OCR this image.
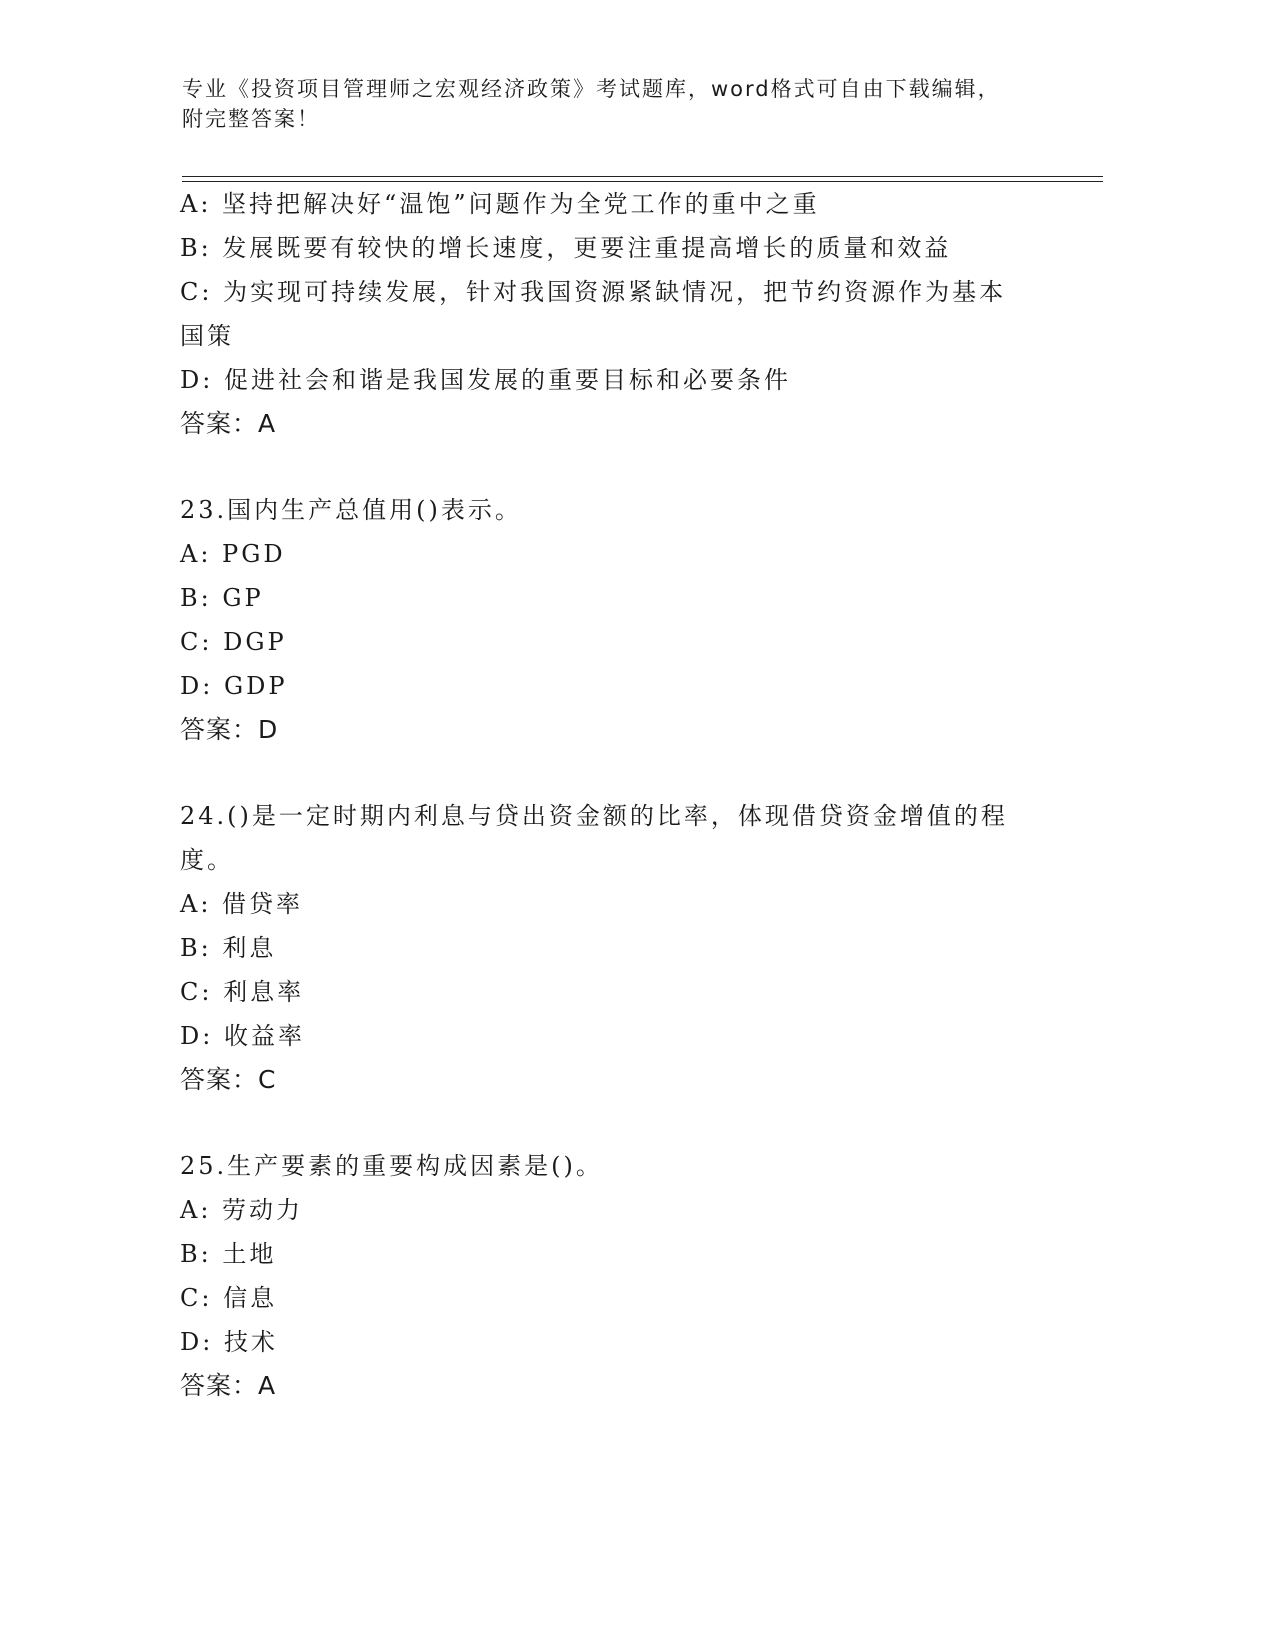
专业《投资项目管理师之宏观经济政策》考试题库，word格式可自由下载编辑，
附完整答案！
A: 坚持把解决好“温饱”问题作为全党工作的重中之重
B: 发展既要有较快的增长速度，更要注重提高增长的质量和效益
C: 为实现可持续发展，针对我国资源紧缺情况，把节约资源作为基本
国策
D: 促进社会和谐是我国发展的重要目标和必要条件
答案：A
23.国内生产总值用()表示。
A: PGD
B: GP
C: DGP
D: GDP
答案：D
24.()是一定时期内利息与贷出资金额的比率，体现借贷资金增值的程
度。
A: 借贷率
B: 利息
C: 利息率
D: 收益率
答案：C
25.生产要素的重要构成因素是()。
A: 劳动力
B: 土地
C: 信息
D: 技术
答案：A
